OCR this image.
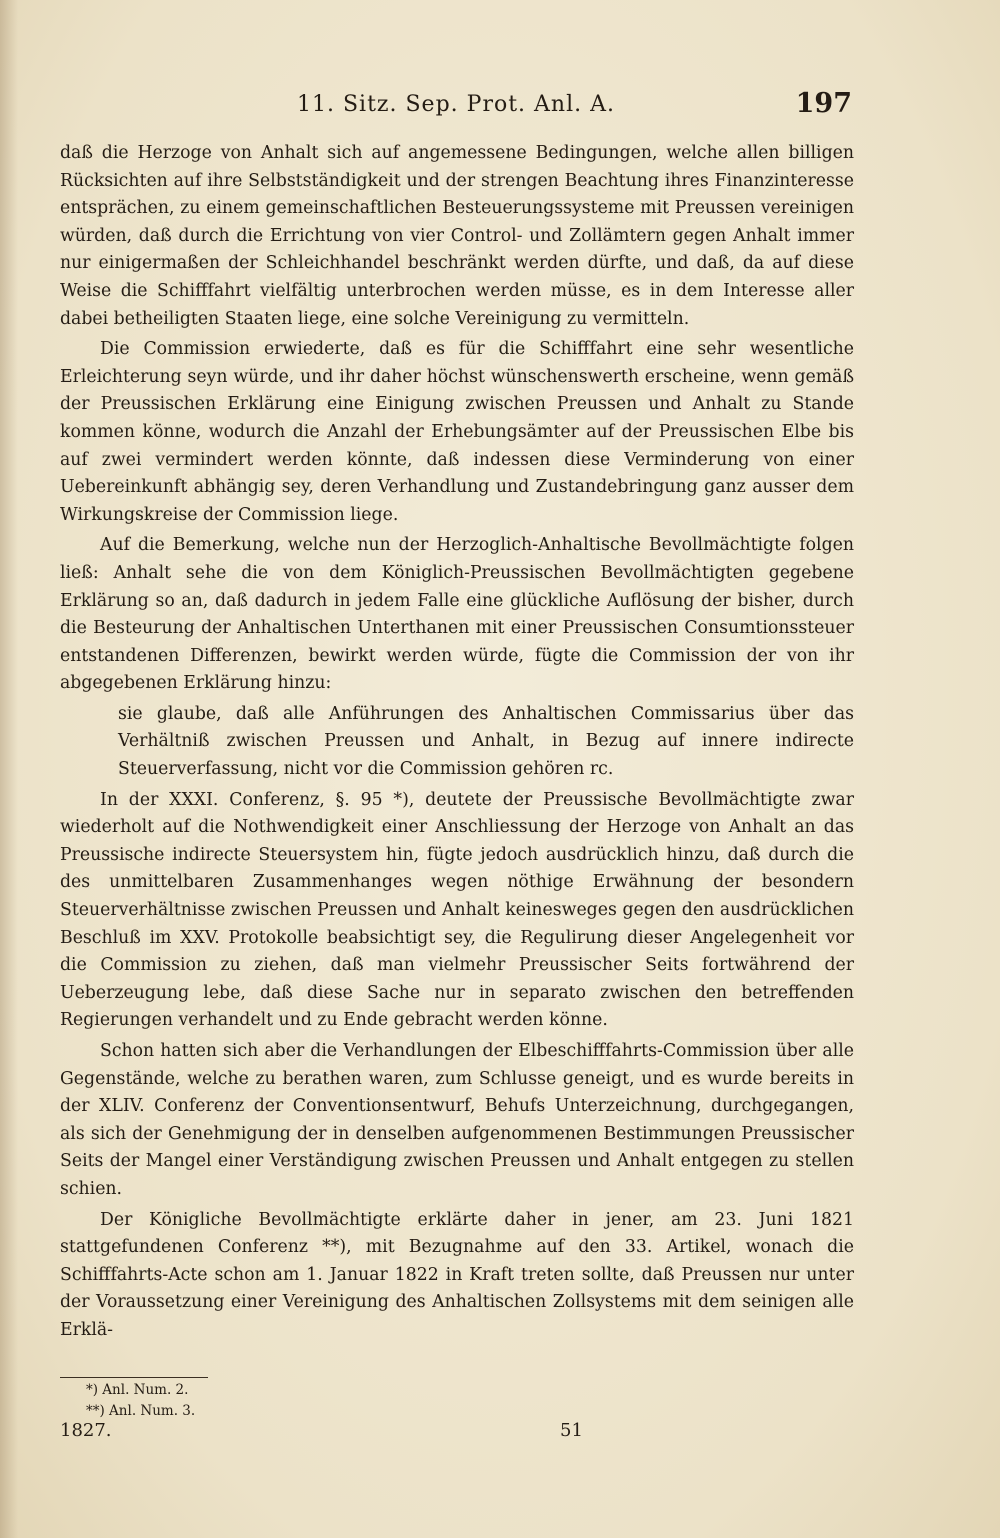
11. Sitz. Sep. Prot. Anl. A.	197

daß die Herzoge von Anhalt sich auf angemessene Bedingungen, welche allen billigen Rücksichten auf ihre Selbstständigkeit und der strengen Beachtung ihres Finanzinteresse entsprächen, zu einem gemeinschaftlichen Besteuerungssysteme mit Preussen vereinigen würden, daß durch die Errichtung von vier Control- und Zollämtern gegen Anhalt immer nur einigermaßen der Schleichhandel beschränkt werden dürfte, und daß, da auf diese Weise die Schifffahrt vielfältig unterbrochen werden müsse, es in dem Interesse aller dabei betheiligten Staaten liege, eine solche Vereinigung zu vermitteln.

Die Commission erwiederte, daß es für die Schifffahrt eine sehr wesentliche Erleichterung seyn würde, und ihr daher höchst wünschenswerth erscheine, wenn gemäß der Preussischen Erklärung eine Einigung zwischen Preussen und Anhalt zu Stande kommen könne, wodurch die Anzahl der Erhebungsämter auf der Preussischen Elbe bis auf zwei vermindert werden könnte, daß indessen diese Verminderung von einer Uebereinkunft abhängig sey, deren Verhandlung und Zustandebringung ganz ausser dem Wirkungskreise der Commission liege.

Auf die Bemerkung, welche nun der Herzoglich-Anhaltische Bevollmächtigte folgen ließ: Anhalt sehe die von dem Königlich-Preussischen Bevollmächtigten gegebene Erklärung so an, daß dadurch in jedem Falle eine glückliche Auflösung der bisher, durch die Besteurung der Anhaltischen Unterthanen mit einer Preussischen Consumtionssteuer entstandenen Differenzen, bewirkt werden würde, fügte die Commission der von ihr abgegebenen Erklärung hinzu:

sie glaube, daß alle Anführungen des Anhaltischen Commissarius über das Verhältniß zwischen Preussen und Anhalt, in Bezug auf innere indirecte Steuerverfassung, nicht vor die Commission gehören rc.

In der XXXI. Conferenz, §. 95 *), deutete der Preussische Bevollmächtigte zwar wiederholt auf die Nothwendigkeit einer Anschliessung der Herzoge von Anhalt an das Preussische indirecte Steuersystem hin, fügte jedoch ausdrücklich hinzu, daß durch die des unmittelbaren Zusammenhanges wegen nöthige Erwähnung der besondern Steuerverhältnisse zwischen Preussen und Anhalt keinesweges gegen den ausdrücklichen Beschluß im XXV. Protokolle beabsichtigt sey, die Regulirung dieser Angelegenheit vor die Commission zu ziehen, daß man vielmehr Preussischer Seits fortwährend der Ueberzeugung lebe, daß diese Sache nur in separato zwischen den betreffenden Regierungen verhandelt und zu Ende gebracht werden könne.

Schon hatten sich aber die Verhandlungen der Elbeschifffahrts-Commission über alle Gegenstände, welche zu berathen waren, zum Schlusse geneigt, und es wurde bereits in der XLIV. Conferenz der Conventionsentwurf, Behufs Unterzeichnung, durchgegangen, als sich der Genehmigung der in denselben aufgenommenen Bestimmungen Preussischer Seits der Mangel einer Verständigung zwischen Preussen und Anhalt entgegen zu stellen schien.

Der Königliche Bevollmächtigte erklärte daher in jener, am 23. Juni 1821 stattgefundenen Conferenz **), mit Bezugnahme auf den 33. Artikel, wonach die Schifffahrts-Acte schon am 1. Januar 1822 in Kraft treten sollte, daß Preussen nur unter der Voraussetzung einer Vereinigung des Anhaltischen Zollsystems mit dem seinigen alle Erklä-

*) Anl. Num. 2.
**) Anl. Num. 3.
1827.	51
